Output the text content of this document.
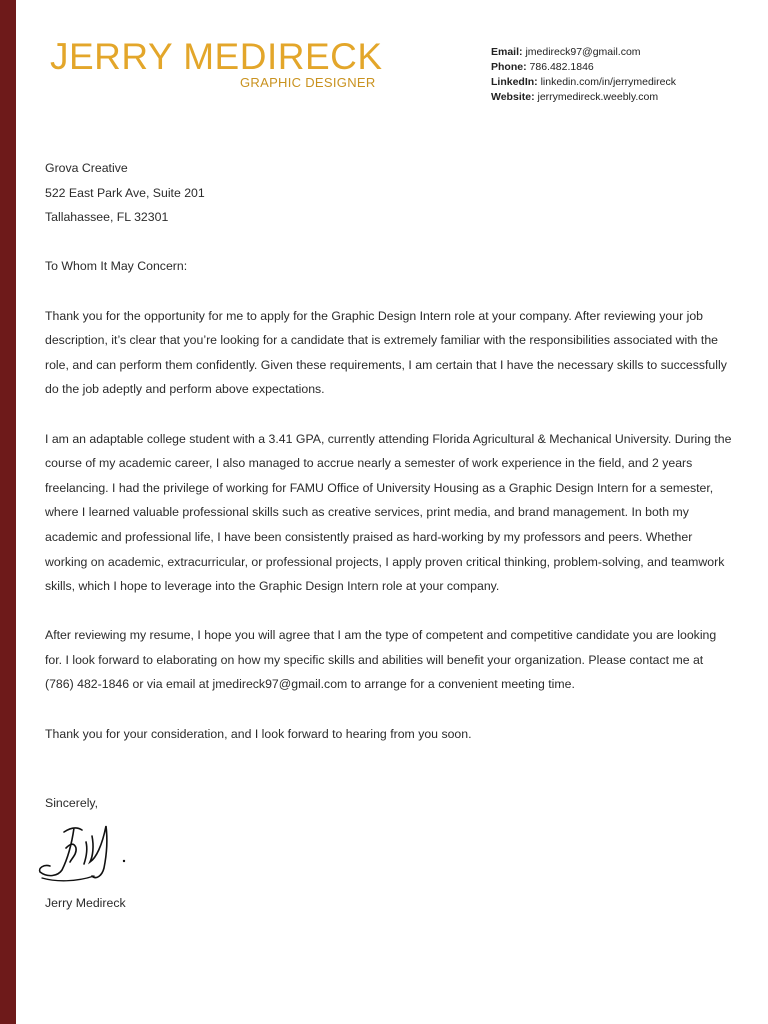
JERRY MEDIRECK
GRAPHIC DESIGNER
Email: jmedireck97@gmail.com
Phone: 786.482.1846
LinkedIn: linkedin.com/in/jerrymedireck
Website: jerrymedireck.weebly.com

Grova Creative

522 East Park Ave, Suite 201

Tallahassee, FL 32301

To Whom It May Concern:

Thank you for the opportunity for me to apply for the Graphic Design Intern role at your company. After reviewing your job description, it’s clear that you’re looking for a candidate that is extremely familiar with the responsibilities associated with the role, and can perform them confidently. Given these requirements, I am certain that I have the necessary skills to successfully do the job adeptly and perform above expectations.

I am an adaptable college student with a 3.41 GPA, currently attending Florida Agricultural & Mechanical University. During the course of my academic career, I also managed to accrue nearly a semester of work experience in the field, and 2 years freelancing. I had the privilege of working for FAMU Office of University Housing as a Graphic Design Intern for a semester, where I learned valuable professional skills such as creative services, print media, and brand management. In both my academic and professional life, I have been consistently praised as hard-working by my professors and peers. Whether working on academic, extracurricular, or professional projects, I apply proven critical thinking, problem-solving, and teamwork skills, which I hope to leverage into the Graphic Design Intern role at your company.

After reviewing my resume, I hope you will agree that I am the type of competent and competitive candidate you are looking for. I look forward to elaborating on how my specific skills and abilities will benefit your organization. Please contact me at (786) 482-1846 or via email at jmedireck97@gmail.com to arrange for a convenient meeting time.

Thank you for your consideration, and I look forward to hearing from you soon.

Sincerely,
Jerry Medireck
